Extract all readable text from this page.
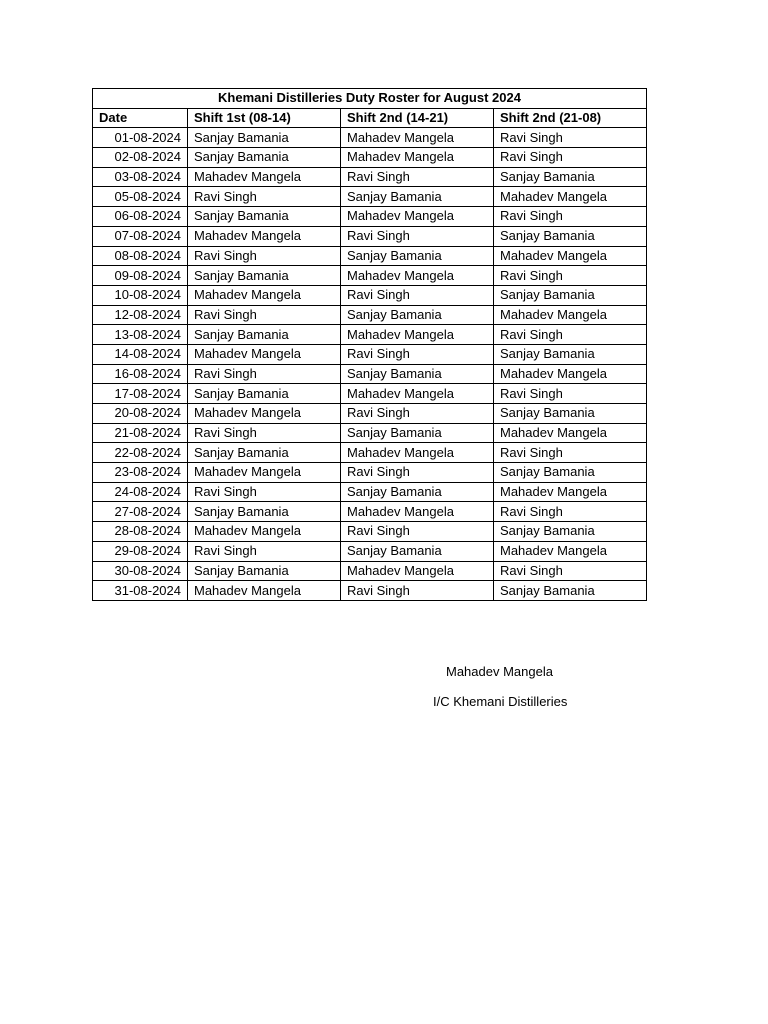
Khemani Distilleries Duty Roster for August 2024			
Date	Shift 1st (08-14)	Shift 2nd (14-21)	Shift 2nd (21-08)
01-08-2024	Sanjay Bamania	Mahadev Mangela	Ravi Singh
02-08-2024	Sanjay Bamania	Mahadev Mangela	Ravi Singh
03-08-2024	Mahadev Mangela	Ravi Singh	Sanjay Bamania
05-08-2024	Ravi Singh	Sanjay Bamania	Mahadev Mangela
06-08-2024	Sanjay Bamania	Mahadev Mangela	Ravi Singh
07-08-2024	Mahadev Mangela	Ravi Singh	Sanjay Bamania
08-08-2024	Ravi Singh	Sanjay Bamania	Mahadev Mangela
09-08-2024	Sanjay Bamania	Mahadev Mangela	Ravi Singh
10-08-2024	Mahadev Mangela	Ravi Singh	Sanjay Bamania
12-08-2024	Ravi Singh	Sanjay Bamania	Mahadev Mangela
13-08-2024	Sanjay Bamania	Mahadev Mangela	Ravi Singh
14-08-2024	Mahadev Mangela	Ravi Singh	Sanjay Bamania
16-08-2024	Ravi Singh	Sanjay Bamania	Mahadev Mangela
17-08-2024	Sanjay Bamania	Mahadev Mangela	Ravi Singh
20-08-2024	Mahadev Mangela	Ravi Singh	Sanjay Bamania
21-08-2024	Ravi Singh	Sanjay Bamania	Mahadev Mangela
22-08-2024	Sanjay Bamania	Mahadev Mangela	Ravi Singh
23-08-2024	Mahadev Mangela	Ravi Singh	Sanjay Bamania
24-08-2024	Ravi Singh	Sanjay Bamania	Mahadev Mangela
27-08-2024	Sanjay Bamania	Mahadev Mangela	Ravi Singh
28-08-2024	Mahadev Mangela	Ravi Singh	Sanjay Bamania
29-08-2024	Ravi Singh	Sanjay Bamania	Mahadev Mangela
30-08-2024	Sanjay Bamania	Mahadev Mangela	Ravi Singh
31-08-2024	Mahadev Mangela	Ravi Singh	Sanjay Bamania
Mahadev Mangela
I/C Khemani Distilleries
